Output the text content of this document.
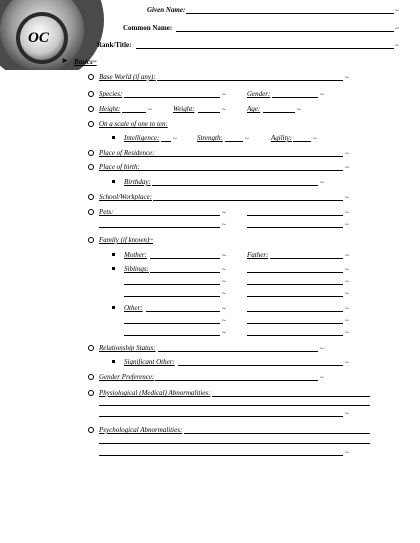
OC
Given Name:	~
Common Name:	~
Rank/Title:	~
➤ Basics~
Base World (if any):	~
Species:	~	Gender:	~
Height:	~	Weight:	~	Age:	~
On a scale of one to ten:
Intelligence: ~	Strength:	~	Agility:	~
Place of Residence:	~
Place of birth:	~
Birthday:	~
School/Workplace:	~
Pets:	~	~
~	~
Family (if known)~
Mother:	~	Father:	~
Siblings:	~	~
~	~
~	~
Other:	~	~
~	~
~	~
Relationship Status:	~
Significant Other:	~
Gender Preference:	~
Physiological (Medical) Abnormalities:
~
Psychological Abnormalities:
~
